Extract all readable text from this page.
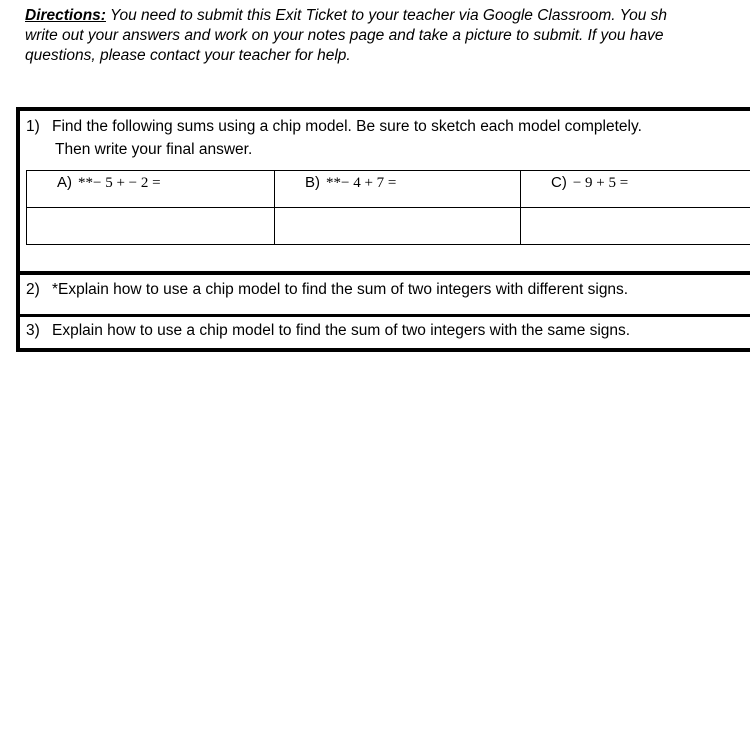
Directions: You need to submit this Exit Ticket to your teacher via Google Classroom. You sh
write out your answers and work on your notes page and take a picture to submit. If you have
questions, please contact your teacher for help.
1) Find the following sums using a chip model. Be sure to sketch each model completely.
Then write your final answer.
A) **− 5 + − 2 =	B) **− 4 + 7 =	C) − 9 + 5 =

2) *Explain how to use a chip model to find the sum of two integers with different signs.
3) Explain how to use a chip model to find the sum of two integers with the same signs.
